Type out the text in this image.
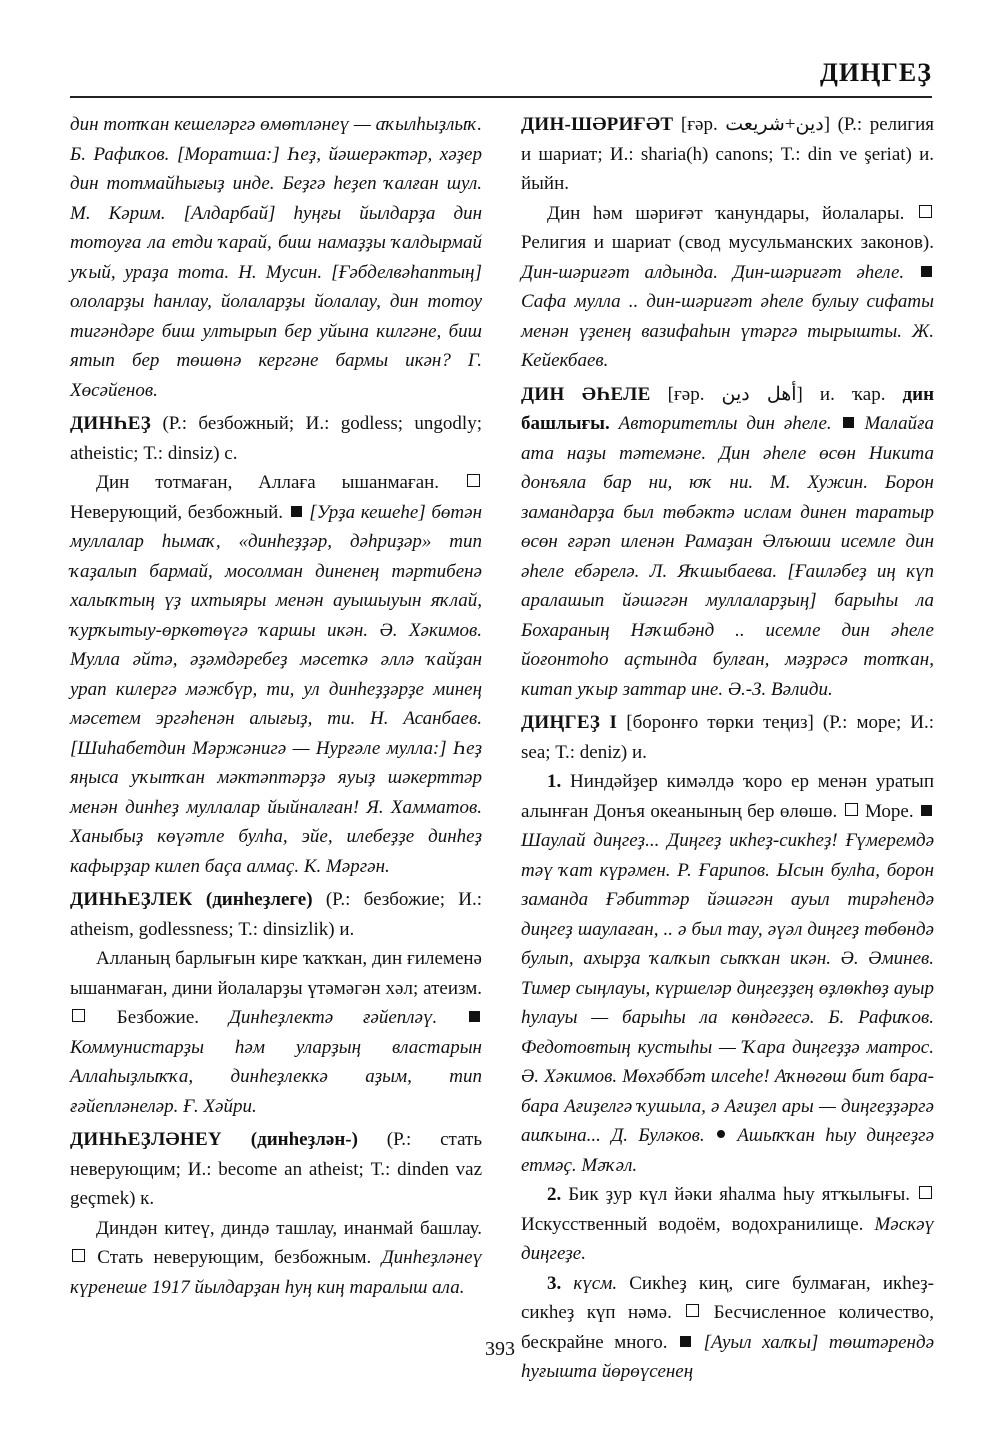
ДИҢГЕҘ

дин тотҡан кешеләргә өмөтләнеү — аҡылһыҙлыҡ. Б. Рафиҡов. [Моратша:] Һеҙ, йәшерәктәр, хәҙер дин тотмайһығыҙ инде. Беҙгә һеҙеп ҡалған шул. М. Кәрим. [Алдарбай] һуңғы йылдарҙа дин тотоуға ла етди ҡарай, биш намаҙҙы ҡалдырмай уҡый, ураҙа тота. Н. Мусин. [Ғәбделвәһаптың] ололарҙы һанлау, йолаларҙы йолалау, дин тотоу тигәндәре биш ултырып бер уйына килгәне, биш ятып бер төшөнә кергәне бармы икән? Г. Хөсәйенов.

ДИНҺЕҘ (Р.: безбожный; И.: godless; ungodly; atheistic; Т.: dinsiz) с.

Дин тотмаған, Аллаға ышанмаған.  Неверующий, безбожный.  [Урҙа кешеһе] бөтән муллалар һымаҡ, «динһеҙҙәр, дәһриҙәр» тип ҡаҙалып бармай, мосолман диненең тәртибенә халыҡтың үҙ ихтыяры менән ауышыуын яҡлай, ҡурҡытыу-өркөтөүгә ҡаршы икән. Ә. Хәкимов. Мулла әйтә, әҙәмдәребеҙ мәсеткә әллә ҡайҙан урап килергә мәжбүр, ти, ул динһеҙҙәрҙе минең мәсетем эргәһенән алығыҙ, ти. Н. Асанбаев. [Шиһабетдин Мәржәнигә — Нурғәле мулла:] Һеҙ яңыса уҡытҡан мәктәптәрҙә яуыҙ шәкерттәр менән динһеҙ муллалар йыйналған! Я. Хамматов. Ханыбыҙ көүәтле булһа, эйе, илебеҙҙе динһеҙ кафырҙар килеп баҫа алмаҫ. К. Мәргән.

ДИНҺЕҘЛЕК (динһеҙлеге) (Р.: безбожие; И.: atheism, godlessness; Т.: dinsizlik) и.

Алланың барлығын кире ҡаҡҡан, дин ғилеменә ышанмаған, дини йолаларҙы үтәмәгән хәл; атеизм.  Безбожие. Динһеҙлектә ғәйепләү.  Коммунистарҙы һәм уларҙың властарын Аллаһыҙлыҡҡа, динһеҙлеккә аҙым, тип ғәйепләнеләр. Ғ. Хәйри.

ДИНҺЕҘЛӘНЕҮ (динһеҙлән-) (Р.: стать неверующим; И.: become an atheist; Т.: dinden vaz geçmek) к.

Диндән китеү, диндә ташлау, инанмай башлау.  Стать неверующим, безбожным. Динһеҙләнеү күренеше 1917 йылдарҙан һуң киң таралыш ала.

ДИН-ШӘРИҒӘТ [ғәр. دين+شريعت] (Р.: религия и шариат; И.: sharia(h) canons; Т.: din ve şeriat) и. йыйн.

Дин һәм шәриғәт ҡанундары, йолалары.  Религия и шариат (свод мусульманских законов). Дин-шәриғәт алдында. Дин-шәриғәт әһеле.  Сафа мулла .. дин-шәриғәт әһеле булыу сифаты менән үҙенең вазифаһын үтәргә тырышты. Ж. Кейекбаев.

ДИН ӘҺЕЛЕ [ғәр. أهل دين] и. ҡар. дин башлығы. Авторитетлы дин әһеле.  Малайға ата наҙы тәтемәне. Дин әһеле өсөн Никита донъяла бар ни, юҡ ни. М. Хужин. Борон замандарҙа был төбәктә ислам динен таратыр өсөн ғәрәп иленән Рамаҙан Әлъюши исемле дин әһеле ебәрелә. Л. Яҡшыбаева. [Ғаиләбеҙ иң күп аралашып йәшәгән муллаларҙың] барыһы ла Бохараның Нәҡшбәнд .. исемле дин әһеле йоғонтоһо аҫтында булған, мәҙрәсә тотҡан, китап уҡыр заттар ине. Ә.-З. Вәлиди.

ДИҢГЕҘ I [боронғо төрки теңиз] (Р.: море; И.: sea; Т.: deniz) и.

1. Ниндәйҙер кимәлдә ҡоро ер менән уратып алынған Донъя океанының бер өлөшө.  Море.  Шаулай диңгеҙ... Диңгеҙ икһеҙ-сикһеҙ! Ғүмеремдә тәү ҡат күрәмен. Р. Ғарипов. Ысын булһа, борон заманда Ғәбиттәр йәшәгән ауыл тирәһендә диңгеҙ шаулаған, .. ә был тау, әүәл диңгеҙ төбөндә булып, ахырҙа ҡалҡып сыҡҡан икән. Ә. Әминев. Тимер сыңлауы, күршеләр диңгеҙҙең өҙлөкһөҙ ауыр һулауы — барыһы ла көндәгесә. Б. Рафиҡов. Федотовтың кустыһы — Ҡара диңгеҙҙә матрос. Ә. Хәкимов. Мөхәббәт илсеһе! Аҡнөгөш бит бара-бара Ағиҙелгә ҡушыла, ә Ағиҙел ары — диңгеҙҙәргә ашҡына... Д. Буләков.  Ашыҡҡан һыу диңгеҙгә етмәҫ. Мәҡәл.

2. Бик ҙур күл йәки яһалма һыу ятҡылығы.  Искусственный водоём, водохранилище. Мәскәү диңгеҙе.

3. күсм. Сикһеҙ киң, сиге булмаған, икһеҙ-сикһеҙ күп нәмә.  Бесчисленное количество, бескрайне много.  [Ауыл халҡы] төштәрендә һуғышта йөрөүсенең

393
